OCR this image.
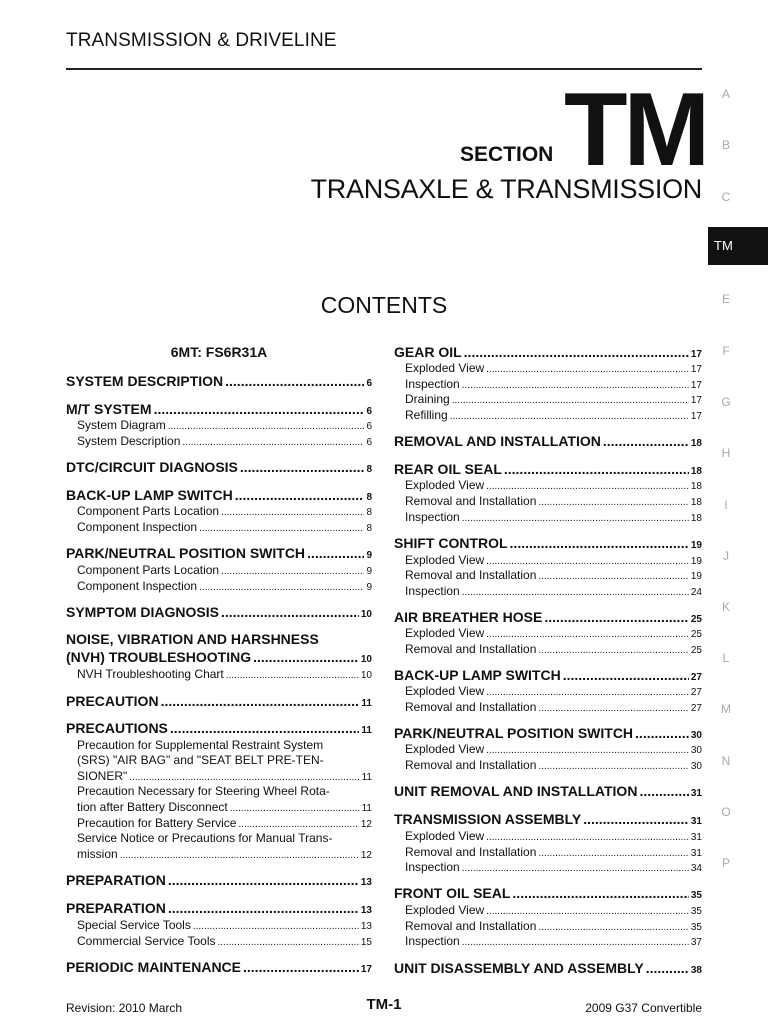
TRANSMISSION & DRIVELINE
SECTION TM
TRANSAXLE & TRANSMISSION
A
B
C
TM
E
F
G
H
I
J
K
L
M
N
O
P
CONTENTS
6MT: FS6R31A
SYSTEM DESCRIPTION .....	6
M/T SYSTEM .....	6
System Diagram .....	6
System Description .....	6
DTC/CIRCUIT DIAGNOSIS .....	8
BACK-UP LAMP SWITCH .....	8
Component Parts Location .....	8
Component Inspection .....	8
PARK/NEUTRAL POSITION SWITCH .....	9
Component Parts Location .....	9
Component Inspection .....	9
SYMPTOM DIAGNOSIS .....	10
NOISE, VIBRATION AND HARSHNESS
(NVH) TROUBLESHOOTING .....	10
NVH Troubleshooting Chart .....	10
PRECAUTION .....	11
PRECAUTIONS .....	11
Precaution for Supplemental Restraint System
(SRS) "AIR BAG" and "SEAT BELT PRE-TEN-
SIONER" .....	11
Precaution Necessary for Steering Wheel Rota-
tion after Battery Disconnect .....	11
Precaution for Battery Service .....	12
Service Notice or Precautions for Manual Trans-
mission .....	12
PREPARATION .....	13
PREPARATION .....	13
Special Service Tools .....	13
Commercial Service Tools .....	15
PERIODIC MAINTENANCE .....	17
GEAR OIL .....	17
Exploded View .....	17
Inspection .....	17
Draining .....	17
Refilling .....	17
REMOVAL AND INSTALLATION .....	18
REAR OIL SEAL .....	18
Exploded View .....	18
Removal and Installation .....	18
Inspection .....	18
SHIFT CONTROL .....	19
Exploded View .....	19
Removal and Installation .....	19
Inspection .....	24
AIR BREATHER HOSE .....	25
Exploded View .....	25
Removal and Installation .....	25
BACK-UP LAMP SWITCH .....	27
Exploded View .....	27
Removal and Installation .....	27
PARK/NEUTRAL POSITION SWITCH .....	30
Exploded View .....	30
Removal and Installation .....	30
UNIT REMOVAL AND INSTALLATION .....	31
TRANSMISSION ASSEMBLY .....	31
Exploded View .....	31
Removal and Installation .....	31
Inspection .....	34
FRONT OIL SEAL .....	35
Exploded View .....	35
Removal and Installation .....	35
Inspection .....	37
UNIT DISASSEMBLY AND ASSEMBLY .....	38
Revision: 2010 March	TM-1	2009 G37 Convertible
